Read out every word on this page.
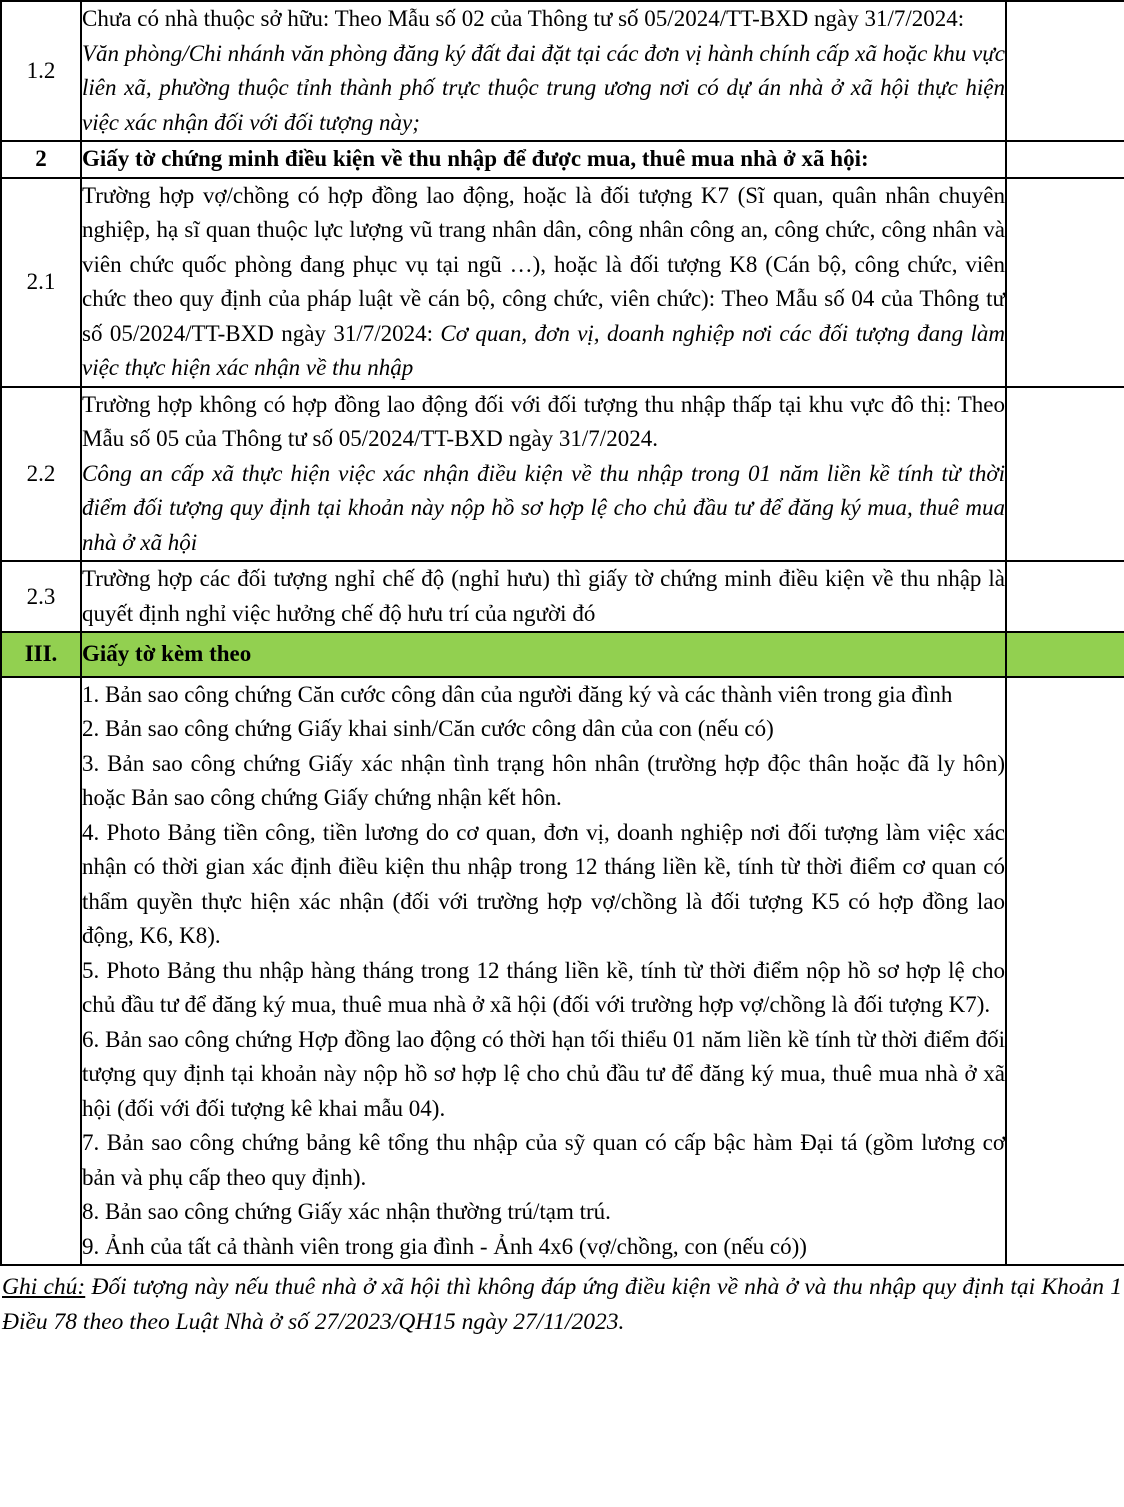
1.2	Chưa có nhà thuộc sở hữu: Theo Mẫu số 02 của Thông tư số 05/2024/TT-BXD ngày 31/7/2024:
Văn phòng/Chi nhánh văn phòng đăng ký đất đai đặt tại các đơn vị hành chính cấp xã hoặc khu vực liên xã, phường thuộc tỉnh thành phố trực thuộc trung ương nơi có dự án nhà ở xã hội thực hiện việc xác nhận đối với đối tượng này;	

2	Giấy tờ chứng minh điều kiện về thu nhập để được mua, thuê mua nhà ở xã hội:	

2.1	Trường hợp vợ/chồng có hợp đồng lao động, hoặc là đối tượng K7 (Sĩ quan, quân nhân chuyên nghiệp, hạ sĩ quan thuộc lực lượng vũ trang nhân dân, công nhân công an, công chức, công nhân và viên chức quốc phòng đang phục vụ tại ngũ …), hoặc là đối tượng K8 (Cán bộ, công chức, viên chức theo quy định của pháp luật về cán bộ, công chức, viên chức): Theo Mẫu số 04 của Thông tư số 05/2024/TT-BXD ngày 31/7/2024: Cơ quan, đơn vị, doanh nghiệp nơi các đối tượng đang làm việc thực hiện xác nhận về thu nhập	

2.2	Trường hợp không có hợp đồng lao động đối với đối tượng thu nhập thấp tại khu vực đô thị: Theo Mẫu số 05 của Thông tư số 05/2024/TT-BXD ngày 31/7/2024.
Công an cấp xã thực hiện việc xác nhận điều kiện về thu nhập trong 01 năm liền kề tính từ thời điểm đối tượng quy định tại khoản này nộp hồ sơ hợp lệ cho chủ đầu tư để đăng ký mua, thuê mua nhà ở xã hội	

2.3	Trường hợp các đối tượng nghỉ chế độ (nghỉ hưu) thì giấy tờ chứng minh điều kiện về thu nhập là quyết định nghỉ việc hưởng chế độ hưu trí của người đó	

III.	Giấy tờ kèm theo	

1. Bản sao công chứng Căn cước công dân của người đăng ký và các thành viên trong gia đình
2. Bản sao công chứng Giấy khai sinh/Căn cước công dân của con (nếu có)
3. Bản sao công chứng Giấy xác nhận tình trạng hôn nhân (trường hợp độc thân hoặc đã ly hôn) hoặc Bản sao công chứng Giấy chứng nhận kết hôn.
4. Photo Bảng tiền công, tiền lương do cơ quan, đơn vị, doanh nghiệp nơi đối tượng làm việc xác nhận có thời gian xác định điều kiện thu nhập trong 12 tháng liền kề, tính từ thời điểm cơ quan có thẩm quyền thực hiện xác nhận (đối với trường hợp vợ/chồng là đối tượng K5 có hợp đồng lao động, K6, K8).
5. Photo Bảng thu nhập hàng tháng trong 12 tháng liền kề, tính từ thời điểm nộp hồ sơ hợp lệ cho chủ đầu tư để đăng ký mua, thuê mua nhà ở xã hội (đối với trường hợp vợ/chồng là đối tượng K7).
6. Bản sao công chứng Hợp đồng lao động có thời hạn tối thiểu 01 năm liền kề tính từ thời điểm đối tượng quy định tại khoản này nộp hồ sơ hợp lệ cho chủ đầu tư để đăng ký mua, thuê mua nhà ở xã hội (đối với đối tượng kê khai mẫu 04).
7. Bản sao công chứng bảng kê tổng thu nhập của sỹ quan có cấp bậc hàm Đại tá (gồm lương cơ bản và phụ cấp theo quy định).
8. Bản sao công chứng Giấy xác nhận thường trú/tạm trú.
9. Ảnh của tất cả thành viên trong gia đình - Ảnh 4x6 (vợ/chồng, con (nếu có))

Ghi chú: Đối tượng này nếu thuê nhà ở xã hội thì không đáp ứng điều kiện về nhà ở và thu nhập quy định tại Khoản 1 Điều 78 theo theo Luật Nhà ở số 27/2023/QH15 ngày 27/11/2023.
